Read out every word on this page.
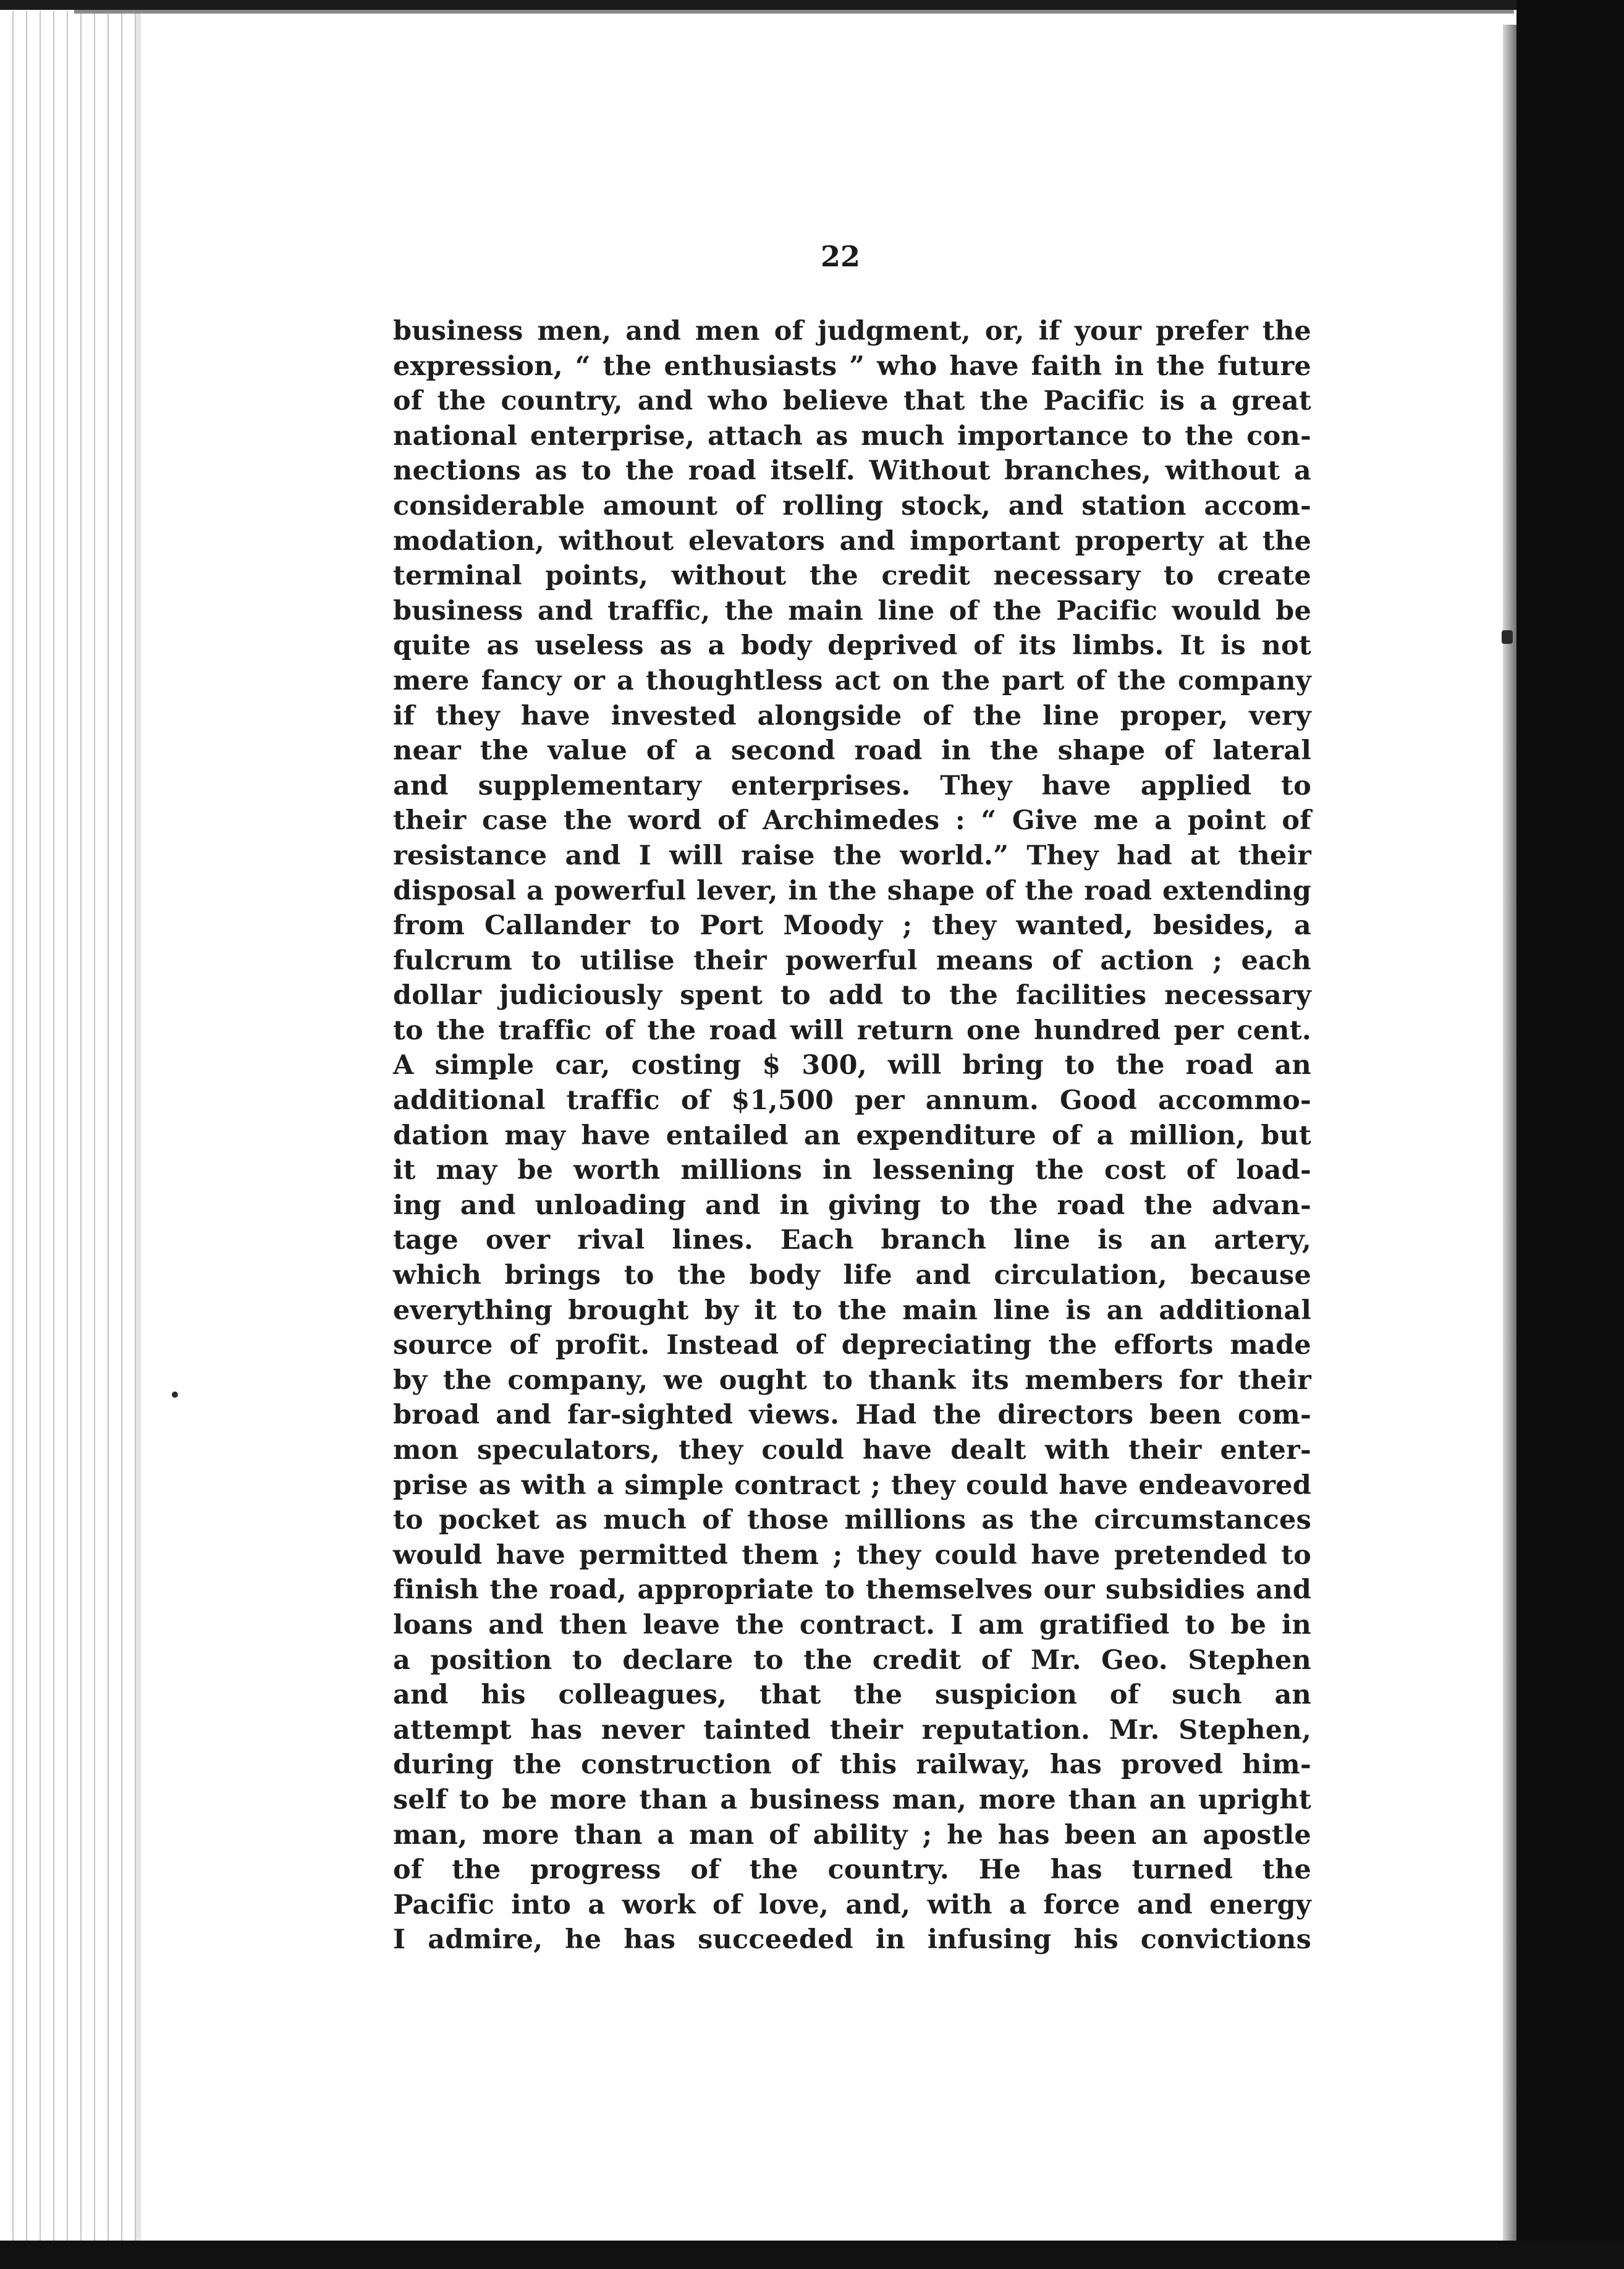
22
business men, and men of judgment, or, if your prefer the
expression, “ the enthusiasts ” who have faith in the future
of the country, and who believe that the Pacific is a great
national enterprise, attach as much importance to the con-
nections as to the road itself. Without branches, without a
considerable amount of rolling stock, and station accom-
modation, without elevators and important property at the
terminal points, without the credit necessary to create
business and traffic, the main line of the Pacific would be
quite as useless as a body deprived of its limbs. It is not
mere fancy or a thoughtless act on the part of the company
if they have invested alongside of the line proper, very
near the value of a second road in the shape of lateral
and supplementary enterprises. They have applied to
their case the word of Archimedes : “ Give me a point of
resistance and I will raise the world.” They had at their
disposal a powerful lever, in the shape of the road extending
from Callander to Port Moody ; they wanted, besides, a
fulcrum to utilise their powerful means of action ; each
dollar judiciously spent to add to the facilities necessary
to the traffic of the road will return one hundred per cent.
A simple car, costing $ 300, will bring to the road an
additional traffic of $1,500 per annum. Good accommo-
dation may have entailed an expenditure of a million, but
it may be worth millions in lessening the cost of load-
ing and unloading and in giving to the road the advan-
tage over rival lines. Each branch line is an artery,
which brings to the body life and circulation, because
everything brought by it to the main line is an additional
source of profit. Instead of depreciating the efforts made
by the company, we ought to thank its members for their
broad and far-sighted views. Had the directors been com-
mon speculators, they could have dealt with their enter-
prise as with a simple contract ; they could have endeavored
to pocket as much of those millions as the circumstances
would have permitted them ; they could have pretended to
finish the road, appropriate to themselves our subsidies and
loans and then leave the contract. I am gratified to be in
a position to declare to the credit of Mr. Geo. Stephen
and his colleagues, that the suspicion of such an
attempt has never tainted their reputation. Mr. Stephen,
during the construction of this railway, has proved him-
self to be more than a business man, more than an upright
man, more than a man of ability ; he has been an apostle
of the progress of the country. He has turned the
Pacific into a work of love, and, with a force and energy
I admire, he has succeeded in infusing his convictions
